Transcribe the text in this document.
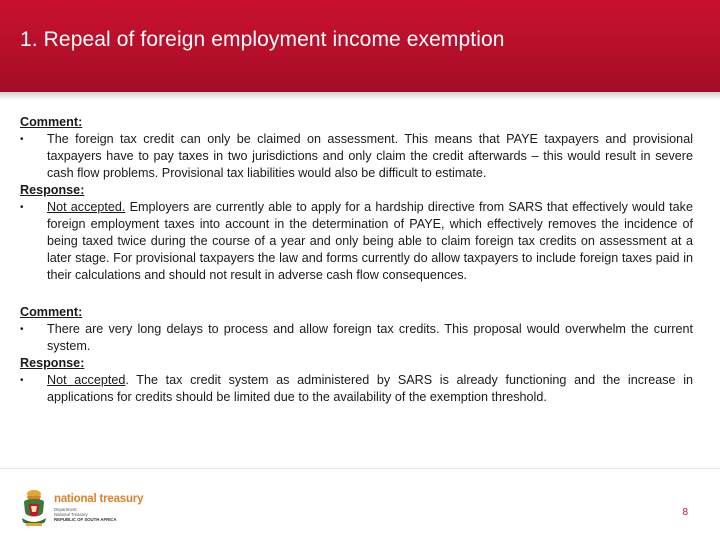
1. Repeal of foreign employment income exemption

Comment:

• The foreign tax credit can only be claimed on assessment. This means that PAYE taxpayers and provisional taxpayers have to pay taxes in two jurisdictions and only claim the credit afterwards – this would result in severe cash flow problems. Provisional tax liabilities would also be difficult to estimate.

Response:

• Not accepted. Employers are currently able to apply for a hardship directive from SARS that effectively would take foreign employment taxes into account in the determination of PAYE, which effectively removes the incidence of being taxed twice during the course of a year and only being able to claim foreign tax credits on assessment at a later stage. For provisional taxpayers the law and forms currently do allow taxpayers to include foreign taxes paid in their calculations and should not result in adverse cash flow consequences.

Comment:

• There are very long delays to process and allow foreign tax credits. This proposal would overwhelm the current system.

Response:

• Not accepted. The tax credit system as administered by SARS is already functioning and the increase in applications for credits should be limited due to the availability of the exemption threshold.

national treasury
Department:
National Treasury
REPUBLIC OF SOUTH AFRICA
8
